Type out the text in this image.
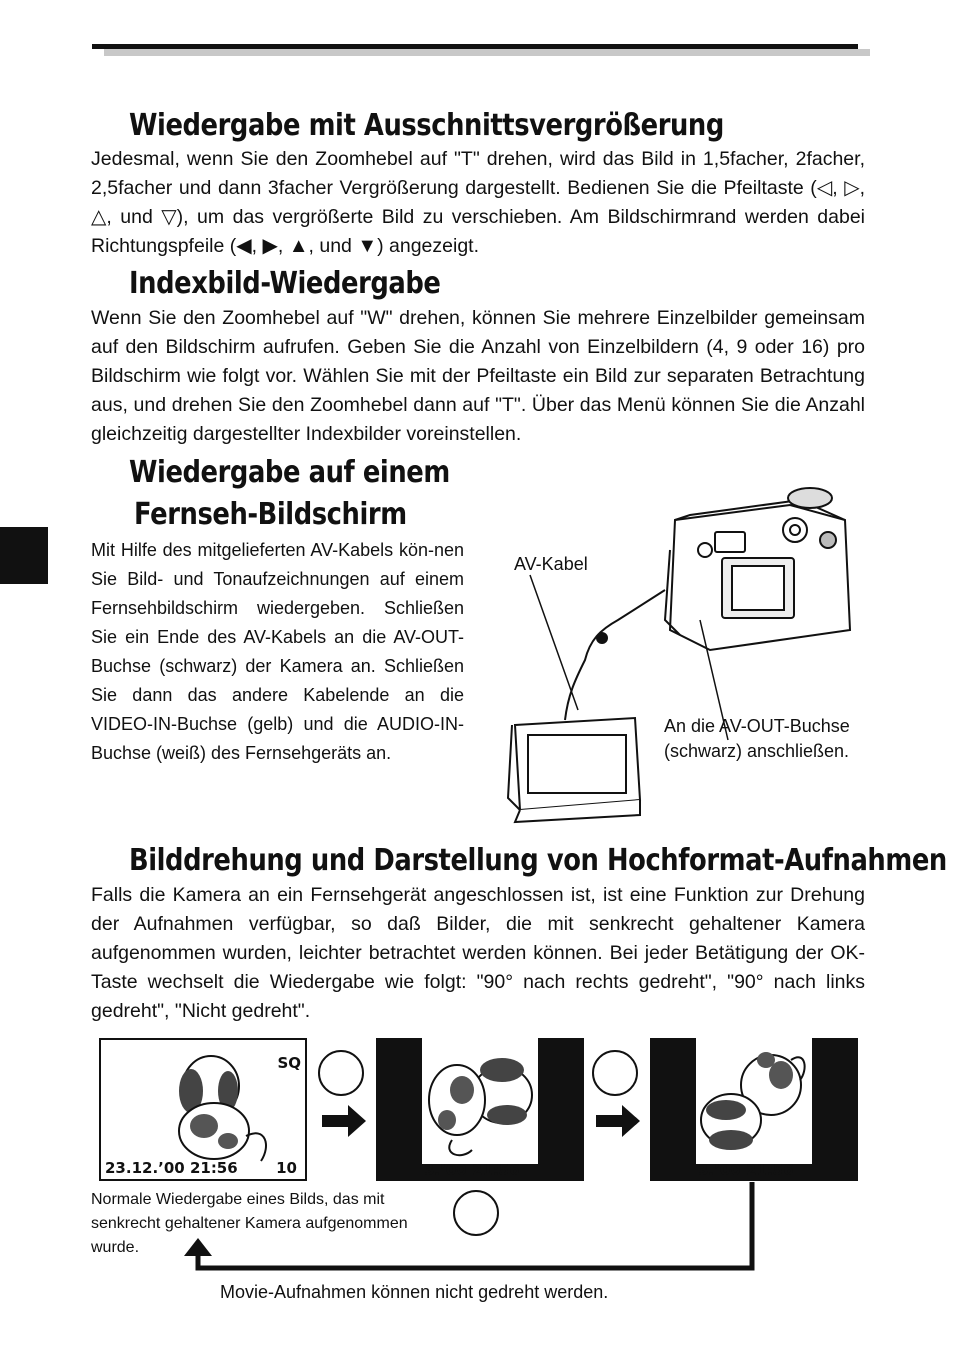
Wiedergabe mit Ausschnittsvergrößerung

Jedesmal, wenn Sie den Zoomhebel auf "T" drehen, wird das Bild in 1,5facher, 2facher, 2,5facher und dann 3facher Vergrößerung dargestellt. Bedienen Sie die Pfeiltaste (◁, ▷, △, und ▽), um das vergrößerte Bild zu verschieben. Am Bildschirmrand werden dabei Richtungspfeile (◀, ▶, ▲, und ▼) angezeigt.

Indexbild-Wiedergabe

Wenn Sie den Zoomhebel auf "W" drehen, können Sie mehrere Einzelbilder gemeinsam auf den Bildschirm aufrufen. Geben Sie die Anzahl von Einzelbildern (4, 9 oder 16) pro Bildschirm wie folgt vor. Wählen Sie mit der Pfeiltaste ein Bild zur separaten Betrachtung aus, und drehen Sie den Zoomhebel dann auf "T". Über das Menü können Sie die Anzahl gleichzeitig dargestellter Indexbilder voreinstellen.

Wiedergabe auf einem
Fernseh-Bildschirm

Mit Hilfe des mitgelieferten AV-Kabels kön-nen Sie Bild- und Tonaufzeichnungen auf einem Fernsehbildschirm wiedergeben. Schließen Sie ein Ende des AV-Kabels an die AV-OUT-Buchse (schwarz) der Kamera an. Schließen Sie dann das andere Kabelende an die VIDEO-IN-Buchse (gelb) und die AUDIO-IN-Buchse (weiß) des Fernsehgeräts an.

AV-Kabel
An die AV-OUT-Buchse
(schwarz) anschließen.
Bilddrehung und Darstellung von Hochformat-Aufnahmen

Falls die Kamera an ein Fernsehgerät angeschlossen ist, ist eine Funktion zur Drehung der Aufnahmen verfügbar, so daß Bilder, die mit senkrecht gehaltener Kamera aufgenommen wurden, leichter betrachtet werden können. Bei jeder Betätigung der OK-Taste wechselt die Wiedergabe wie folgt: "90° nach rechts gedreht", "90° nach links gedreht", "Nicht gedreht".

SQ
23.12.’00 21:56	10	3.’00 21:56	3.’00 21:56
Normale Wiedergabe eines Bilds, das mit
senkrecht gehaltener Kamera aufgenommen
wurde.
Movie-Aufnahmen können nicht gedreht werden.
